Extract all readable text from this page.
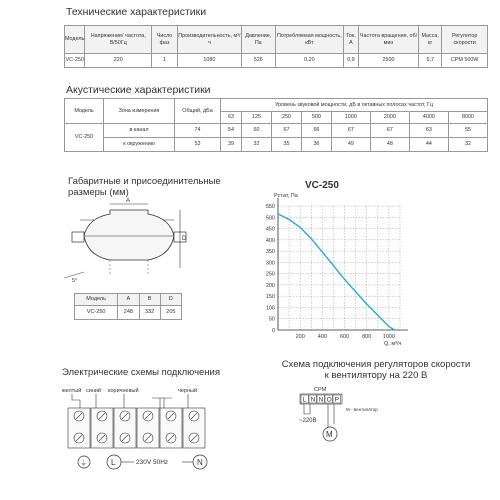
Технические характеристики
Модель	Напряжение/ частота, В/50Гц	Число фаз	Производительность, м³/ч	Давление, Па	Потребляемая мощность, кВт	Ток, А	Частота вращения, об/мин	Масса, кг	Регулятор скорости
VC-250	220	1	1080	526	0,20	0,9	2500	5,7	CPM 500W
Акустические характеристики
Модель	Зона измерения	Общий, дБа	Уровень звуковой мощности, дБ в октавных полосах частот, Гц							
			63	125	250	500	1000	2000	4000	8000
VC-250	в канал	74	54	60	67	66	67	67	63	55
	к окружению	53	39	32	35	36	49	48	44	32
Габаритные и присоединительные
размеры (мм)
A
D
5°
Модель	A	B	D
VC-250	248	332	205
VC-250
0
50
100
150
200
250
300
350
400
450
500
550
200 400 600 800 1000
Pстат, Па
Q, м³/ч
Электрические схемы подключения
желтый синий коричневый	черный
⏚	L	N
230V 50Hz
Схема подключения регуляторов скорости
к вентилятору на 220 В
CPM
L N N O P
M - вентилятор
~220В
M
